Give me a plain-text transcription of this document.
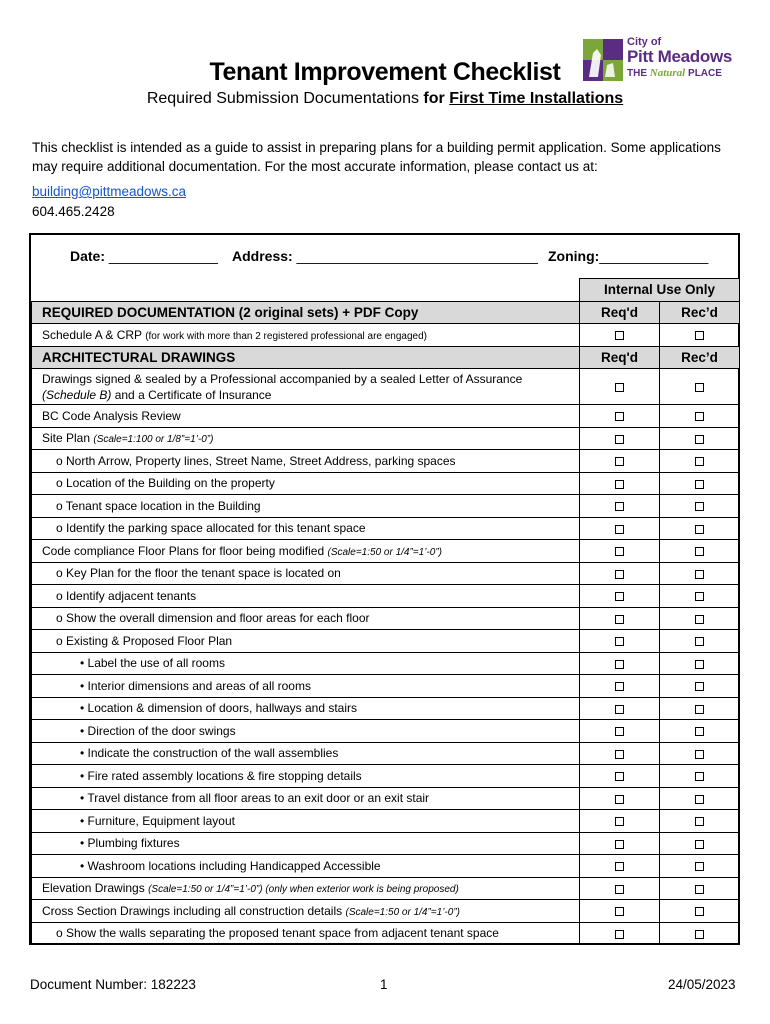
City of
Pitt Meadows
THE Natural PLACE
Tenant Improvement Checklist
Required Submission Documentations for First Time Installations
This checklist is intended as a guide to assist in preparing plans for a building permit application. Some applications may require additional documentation. For the most accurate information, please contact us at:
building@pittmeadows.ca
604.465.2428
Date: ______________ Address: _______________________________ Zoning:______________
	Internal Use Only	
REQUIRED DOCUMENTATION (2 original sets) + PDF Copy	Req'd	Rec’d
Schedule A & CRP (for work with more than 2 registered professional are engaged)		
ARCHITECTURAL DRAWINGS	Req'd	Rec’d
Drawings signed & sealed by a Professional accompanied by a sealed Letter of Assurance (Schedule B) and a Certificate of Insurance		
BC Code Analysis Review		
Site Plan (Scale=1:100 or 1/8”=1’-0”)		
o North Arrow, Property lines, Street Name, Street Address, parking spaces		
o Location of the Building on the property		
o Tenant space location in the Building		
o Identify the parking space allocated for this tenant space		
Code compliance Floor Plans for floor being modified (Scale=1:50 or 1/4”=1’-0”)		
o Key Plan for the floor the tenant space is located on		
o Identify adjacent tenants		
o Show the overall dimension and floor areas for each floor		
o Existing & Proposed Floor Plan		
• Label the use of all rooms		
• Interior dimensions and areas of all rooms		
• Location & dimension of doors, hallways and stairs		
• Direction of the door swings		
• Indicate the construction of the wall assemblies		
• Fire rated assembly locations & fire stopping details		
• Travel distance from all floor areas to an exit door or an exit stair		
• Furniture, Equipment layout		
• Plumbing fixtures		
• Washroom locations including Handicapped Accessible		
Elevation Drawings (Scale=1:50 or 1/4”=1’-0”) (only when exterior work is being proposed)		
Cross Section Drawings including all construction details (Scale=1:50 or 1/4”=1’-0”)		
o Show the walls separating the proposed tenant space from adjacent tenant space		
Document Number: 182223	1	24/05/2023
